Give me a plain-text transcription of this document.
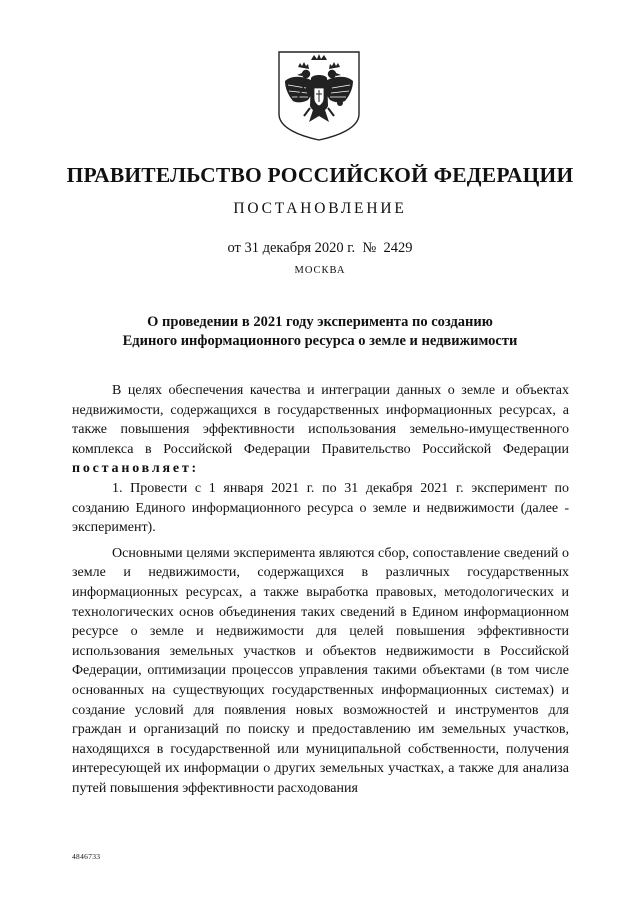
ПРАВИТЕЛЬСТВО РОССИЙСКОЙ ФЕДЕРАЦИИ
ПОСТАНОВЛЕНИЕ
от 31 декабря 2020 г.  №  2429
МОСКВА
О проведении в 2021 году эксперимента по созданию
Единого информационного ресурса о земле и недвижимости

В целях обеспечения качества и интеграции данных о земле и объектах недвижимости, содержащихся в государственных информационных ресурсах, а также повышения эффективности использования земельно-имущественного комплекса в Российской Федерации Правительство Российской Федерации постановляет:

1. Провести с 1 января 2021 г. по 31 декабря 2021 г. эксперимент по созданию Единого информационного ресурса о земле и недвижимости (далее - эксперимент).

Основными целями эксперимента являются сбор, сопоставление сведений о земле и недвижимости, содержащихся в различных государственных информационных ресурсах, а также выработка правовых, методологических и технологических основ объединения таких сведений в Едином информационном ресурсе о земле и недвижимости для целей повышения эффективности использования земельных участков и объектов недвижимости в Российской Федерации, оптимизации процессов управления такими объектами (в том числе основанных на существующих государственных информационных системах) и создание условий для появления новых возможностей и инструментов для граждан и организаций по поиску и предоставлению им земельных участков, находящихся в государственной или муниципальной собственности, получения интересующей их информации о других земельных участках, а также для анализа путей повышения эффективности расходования

4846733
